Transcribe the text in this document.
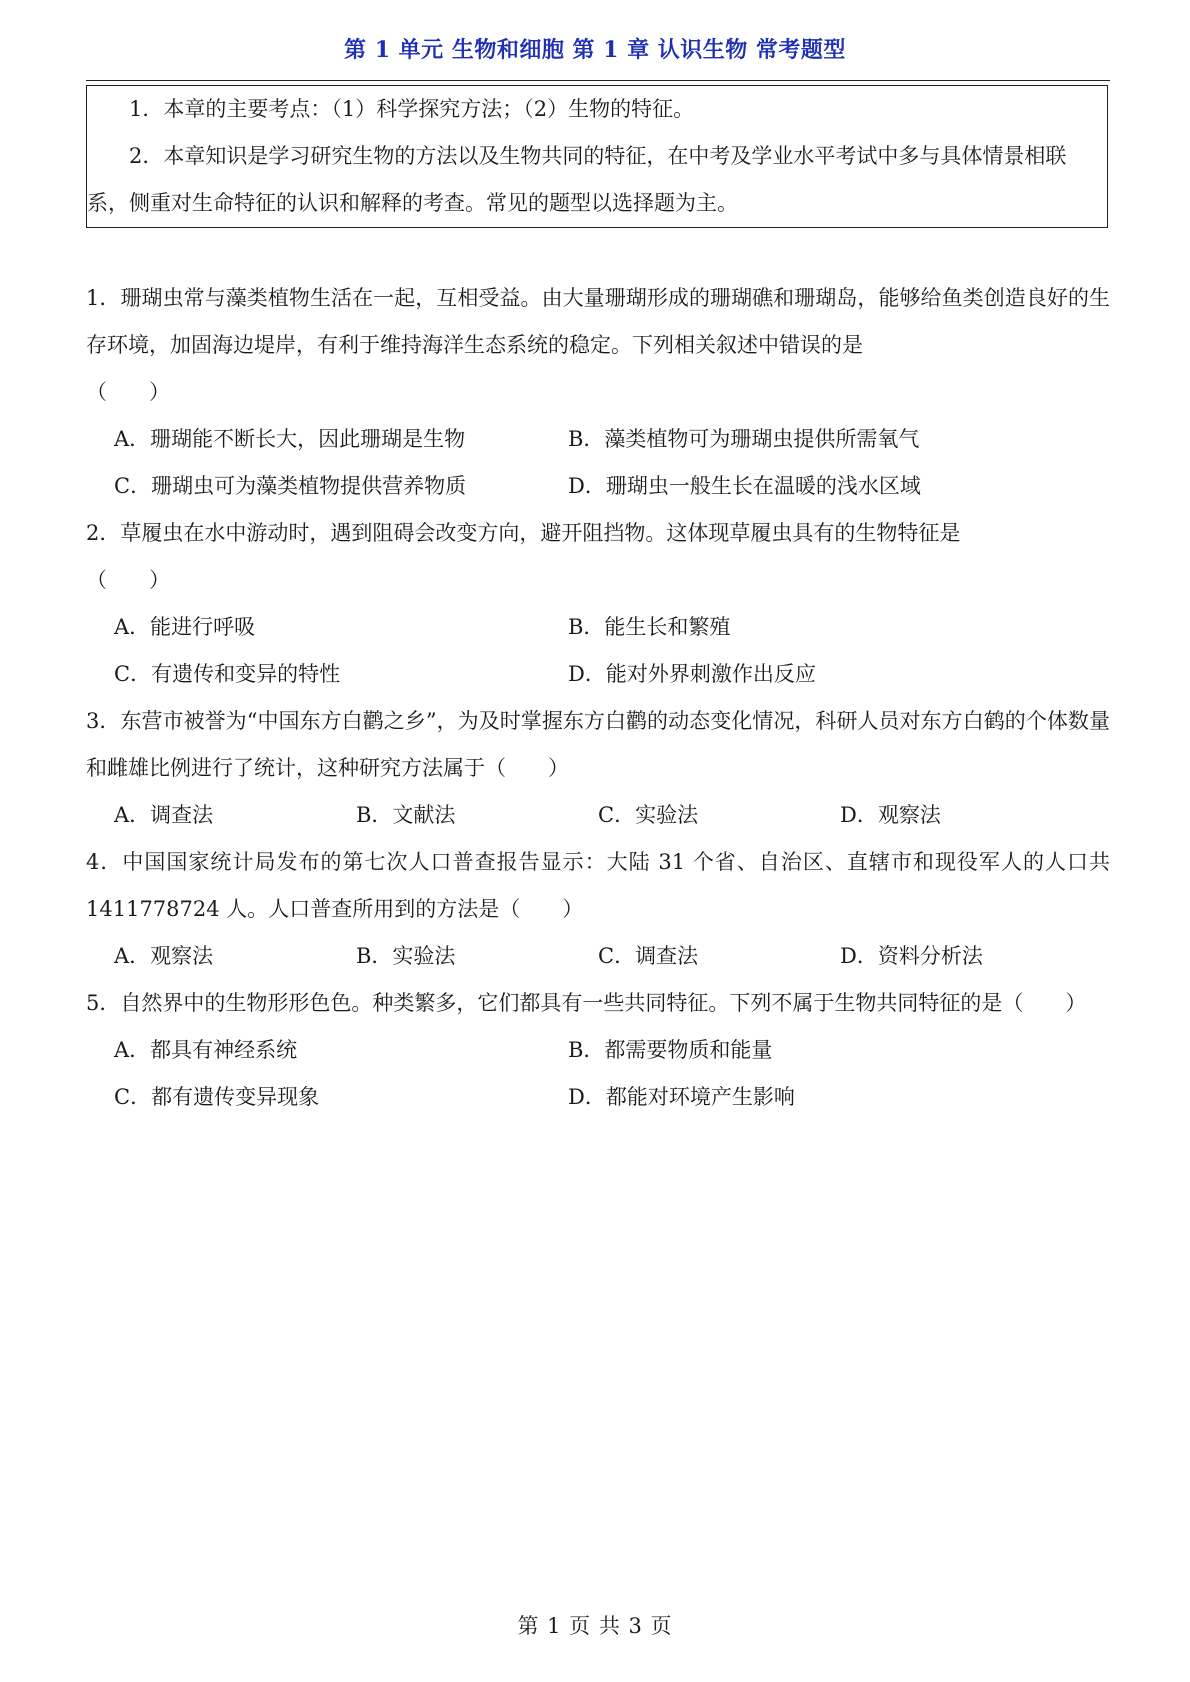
第 1 单元 生物和细胞 第 1 章 认识生物 常考题型

1．本章的主要考点：（1）科学探究方法；（2）生物的特征。

2．本章知识是学习研究生物的方法以及生物共同的特征，在中考及学业水平考试中多与具体情景相联系，侧重对生命特征的认识和解释的考查。常见的题型以选择题为主。

1．珊瑚虫常与藻类植物生活在一起，互相受益。由大量珊瑚形成的珊瑚礁和珊瑚岛，能够给鱼类创造良好的生存环境，加固海边堤岸，有利于维持海洋生态系统的稳定。下列相关叙述中错误的是
（　　）

A．珊瑚能不断长大，因此珊瑚是生物	B．藻类植物可为珊瑚虫提供所需氧气
C．珊瑚虫可为藻类植物提供营养物质	D．珊瑚虫一般生长在温暖的浅水区域

2．草履虫在水中游动时，遇到阻碍会改变方向，避开阻挡物。这体现草履虫具有的生物特征是
（　　）

A．能进行呼吸	B．能生长和繁殖
C．有遗传和变异的特性	D．能对外界刺激作出反应

3．东营市被誉为“中国东方白鹳之乡”，为及时掌握东方白鹳的动态变化情况，科研人员对东方白鹤的个体数量和雌雄比例进行了统计，这种研究方法属于（　　）

A．调查法	B．文献法	C．实验法	D．观察法

4．中国国家统计局发布的第七次人口普查报告显示：大陆 31 个省、自治区、直辖市和现役军人的人口共 1411778724 人。人口普查所用到的方法是（　　）

A．观察法	B．实验法	C．调查法	D．资料分析法

5．自然界中的生物形形色色。种类繁多，它们都具有一些共同特征。下列不属于生物共同特征的是（　　）

A．都具有神经系统	B．都需要物质和能量
C．都有遗传变异现象	D．都能对环境产生影响
第 1 页 共 3 页
